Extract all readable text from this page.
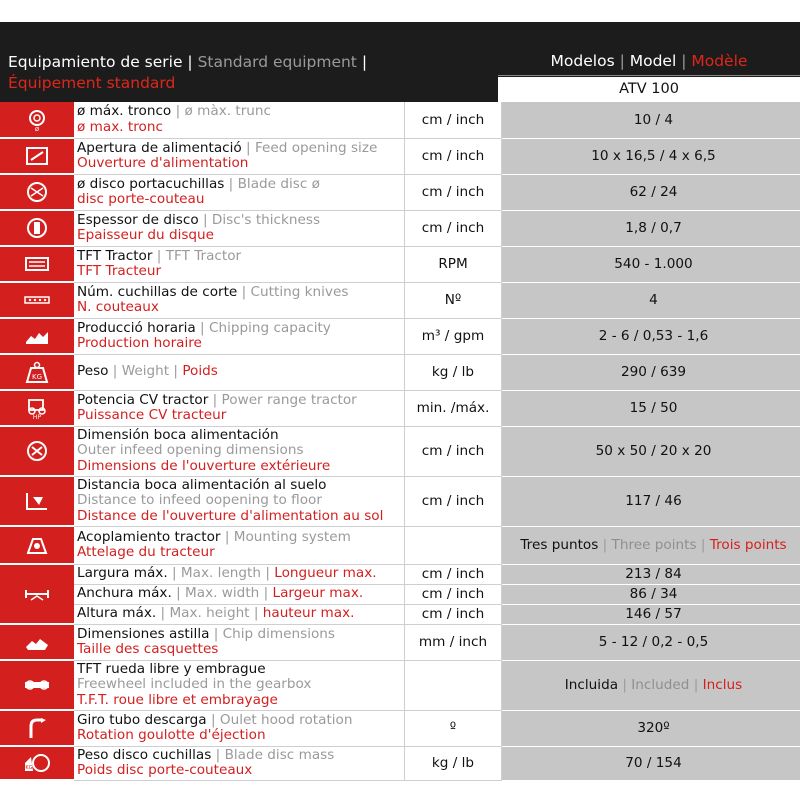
Equipamiento de serie | Standard equipment |
Équipement standard
Modelos | Model | Modèle
ATV 100
ø	ø máx. tronco | ø màx. trunc
ø max. tronc	cm / inch	10 / 4
	Apertura de alimentació | Feed opening size
Ouverture d'alimentation	cm / inch	10 x 16,5 / 4 x 6,5
	ø disco portacuchillas | Blade disc ø
disc porte-couteau	cm / inch	62 / 24
	Espessor de disco | Disc's thickness
Epaisseur du disque	cm / inch	1,8 / 0,7
	TFT Tractor | TFT Tractor
TFT Tracteur	RPM	540 - 1.000
	Núm. cuchillas de corte | Cutting knives
N. couteaux	Nº	4
	Producció horaria | Chipping capacity
Production horaire	m³ / gpm	2 - 6 / 0,53 - 1,6

KG	Peso | Weight | Poids	kg / lb	290 / 639

HP	Potencia CV tractor | Power range tractor
Puissance CV tracteur	min. /máx.	15 / 50
	Dimensión boca alimentación
Outer infeed opening dimensions
Dimensions de l'ouverture extérieure	cm / inch	50 x 50 / 20 x 20
	Distancia boca alimentación al suelo
Distance to infeed oopening to floor
Distance de l'ouverture d'alimentation au sol	cm / inch	117 / 46
	Acoplamiento tractor | Mounting system
Attelage du tracteur		Tres puntos | Three points | Trois points
	Largura máx. | Max. length | Longueur max.	cm / inch	213 / 84
	Anchura máx. | Max. width | Largeur max.	cm / inch	86 / 34
	Altura máx. | Max. height | hauteur max.	cm / inch	146 / 57
	Dimensiones astilla | Chip dimensions
Taille des casquettes	mm / inch	5 - 12 / 0,2 - 0,5
	TFT rueda libre y embrague
Freewheel included in the gearbox
T.F.T. roue libre et embrayage		Incluida | Included | Inclus
	Giro tubo descarga | Oulet hood rotation
Rotation goulotte d'éjection	º	320º

KG	Peso disco cuchillas | Blade disc mass
Poids disc porte-couteaux	kg / lb	70 / 154
